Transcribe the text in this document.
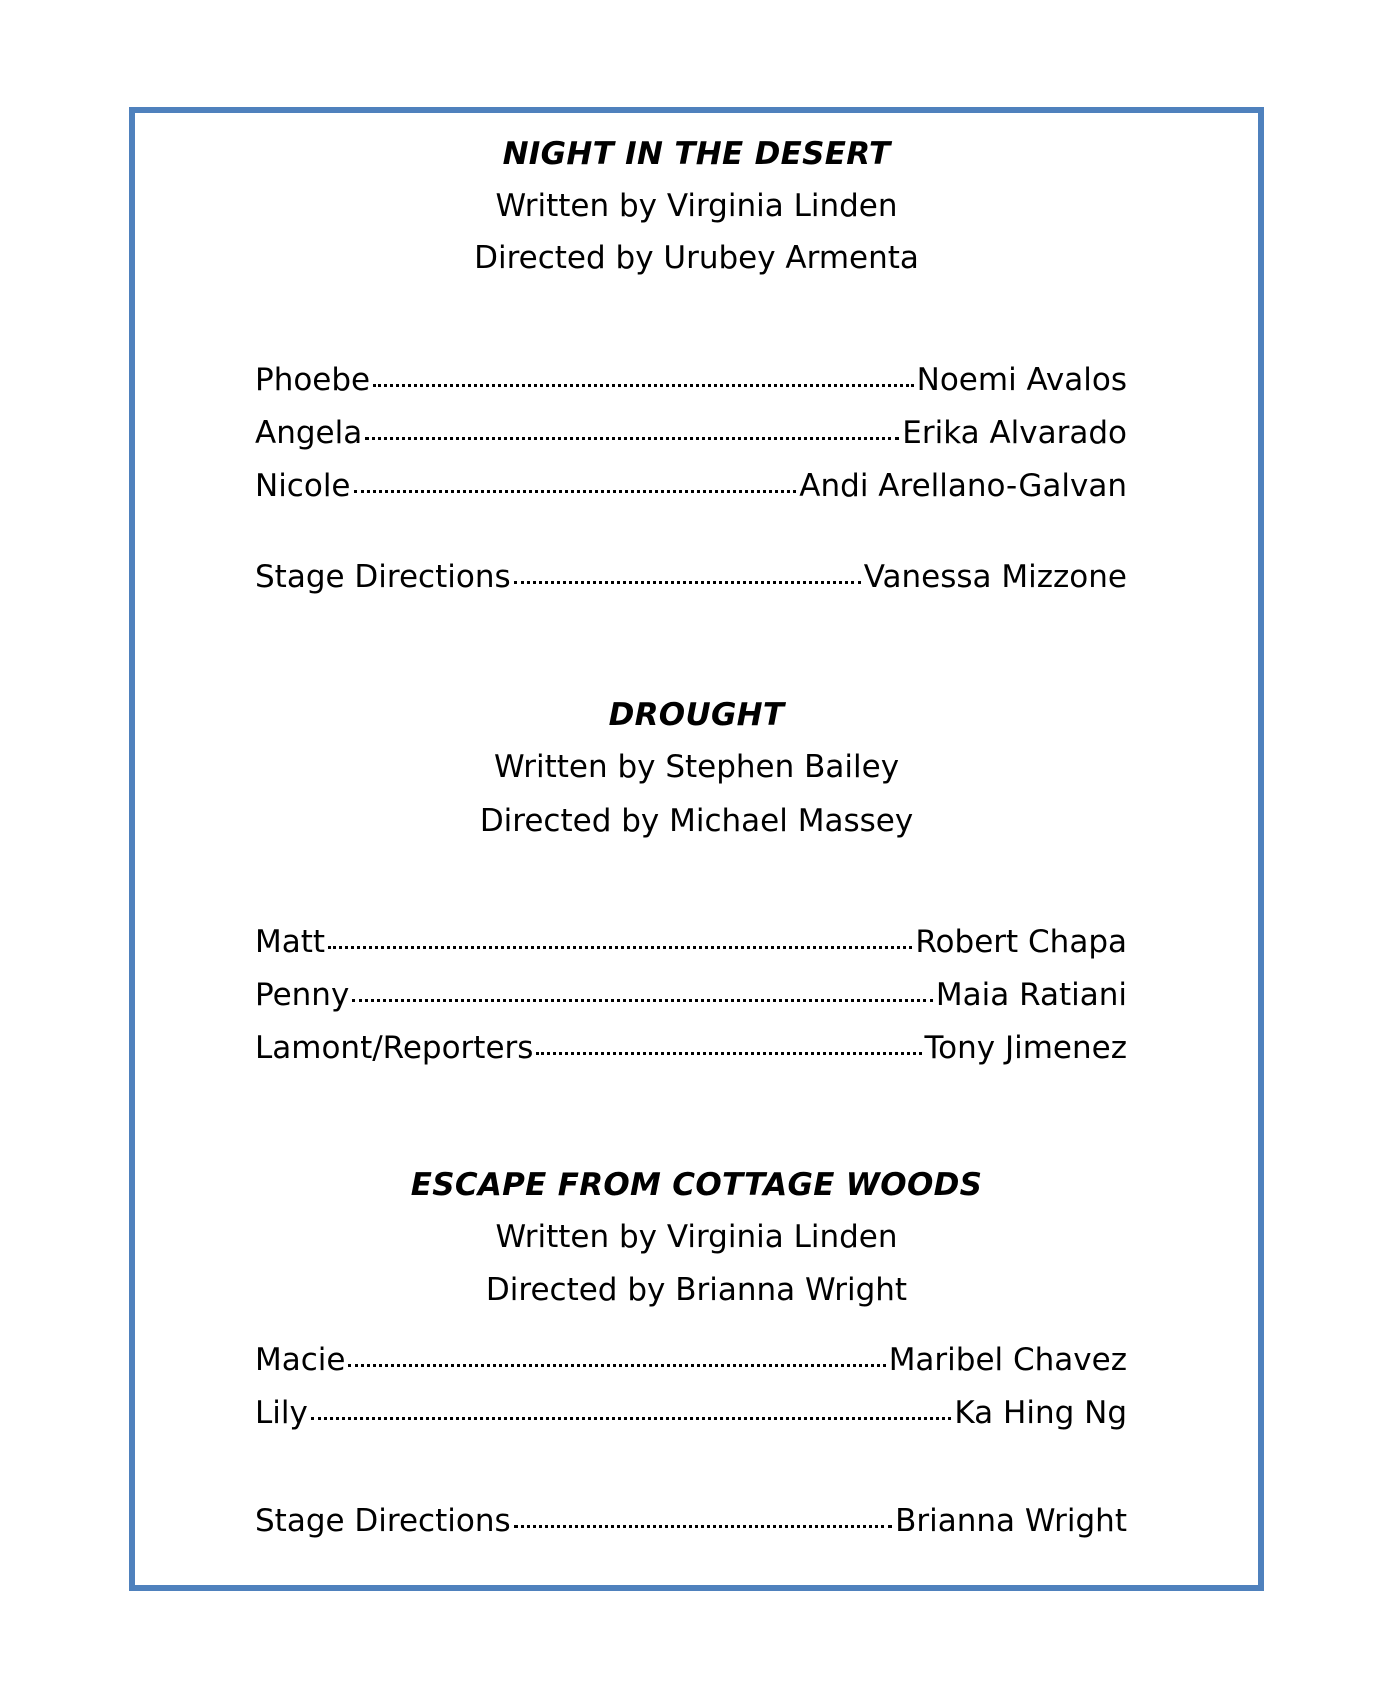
NIGHT IN THE DESERT

Written by Virginia Linden

Directed by Urubey Armenta

Phoebe	Noemi Avalos
Angela	Erika Alvarado
Nicole	Andi Arellano-Galvan
Stage Directions	Vanessa Mizzone
DROUGHT

Written by Stephen Bailey

Directed by Michael Massey

Matt	Robert Chapa
Penny	Maia Ratiani
Lamont/Reporters	Tony Jimenez
ESCAPE FROM COTTAGE WOODS

Written by Virginia Linden

Directed by Brianna Wright

Macie	Maribel Chavez
Lily	Ka Hing Ng
Stage Directions	Brianna Wright
